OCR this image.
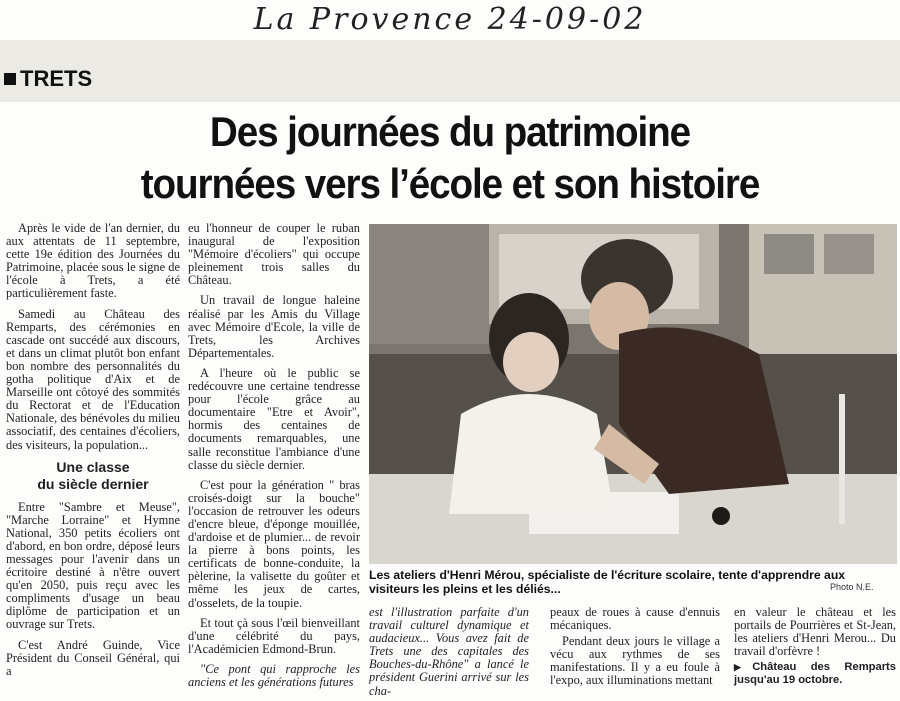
La Provence 24-09-02
TRETS
Des journées du patrimoine
tournées vers l’école et son histoire

Après le vide de l'an dernier, du aux attentats de 11 septembre, cette 19e édition des Journées du Patrimoine, placée sous le signe de l'école à Trets, a été particulièrement faste.

Samedi au Château des Remparts, des cérémonies en cascade ont succédé aux discours, et dans un climat plutôt bon enfant bon nombre des personnalités du gotha politique d'Aix et de Marseille ont côtoyé des sommités du Rectorat et de l'Education Nationale, des bénévoles du milieu associatif, des centaines d'écoliers, des visiteurs, la population...

Une classe
du siècle dernier

Entre "Sambre et Meuse", "Marche Lorraine" et Hymne National, 350 petits écoliers ont d'abord, en bon ordre, déposé leurs messages pour l'avenir dans un écritoire destiné à n'être ouvert qu'en 2050, puis reçu avec les compliments d'usage un beau diplôme de participation et un ouvrage sur Trets.

C'est André Guinde, Vice Président du Conseil Général, qui a

eu l'honneur de couper le ruban inaugural de l'exposition "Mémoire d'écoliers" qui occupe pleinement trois salles du Château.

Un travail de longue haleine réalisé par les Amis du Village avec Mémoire d'Ecole, la ville de Trets, les Archives Départementales.

A l'heure où le public se redécouvre une certaine tendresse pour l'école grâce au documentaire "Etre et Avoir", hormis des centaines de documents remarquables, une salle reconstitue l'ambiance d'une classe du siècle dernier.

C'est pour la génération " bras croisés-doigt sur la bouche" l'occasion de retrouver les odeurs d'encre bleue, d'éponge mouillée, d'ardoise et de plumier... de revoir la pierre à bons points, les certificats de bonne-conduite, la pèlerine, la valisette du goûter et même les jeux de cartes, d'osselets, de la toupie.

Et tout çà sous l'œil bienveillant d'une célébrité du pays, l'Académicien Edmond-Brun.

"Ce pont qui rapproche les anciens et les générations futures

Les ateliers d'Henri Mérou, spécialiste de l'écriture scolaire, tente d'apprendre aux visiteurs les pleins et les déliés...	Photo N.E.

est l'illustration parfaite d'un travail culturel dynamique et audacieux... Vous avez fait de Trets une des capitales des Bouches-du-Rhône" a lancé le président Guerini arrivé sur les cha-

peaux de roues à cause d'ennuis mécaniques.

Pendant deux jours le village a vécu aux rythmes de ses manifestations. Il y a eu foule à l'expo, aux illuminations mettant

en valeur le château et les portails de Pourrières et St-Jean, les ateliers d'Henri Merou... Du travail d'orfèvre !

▶Château des Remparts jusqu'au 19 octobre.
